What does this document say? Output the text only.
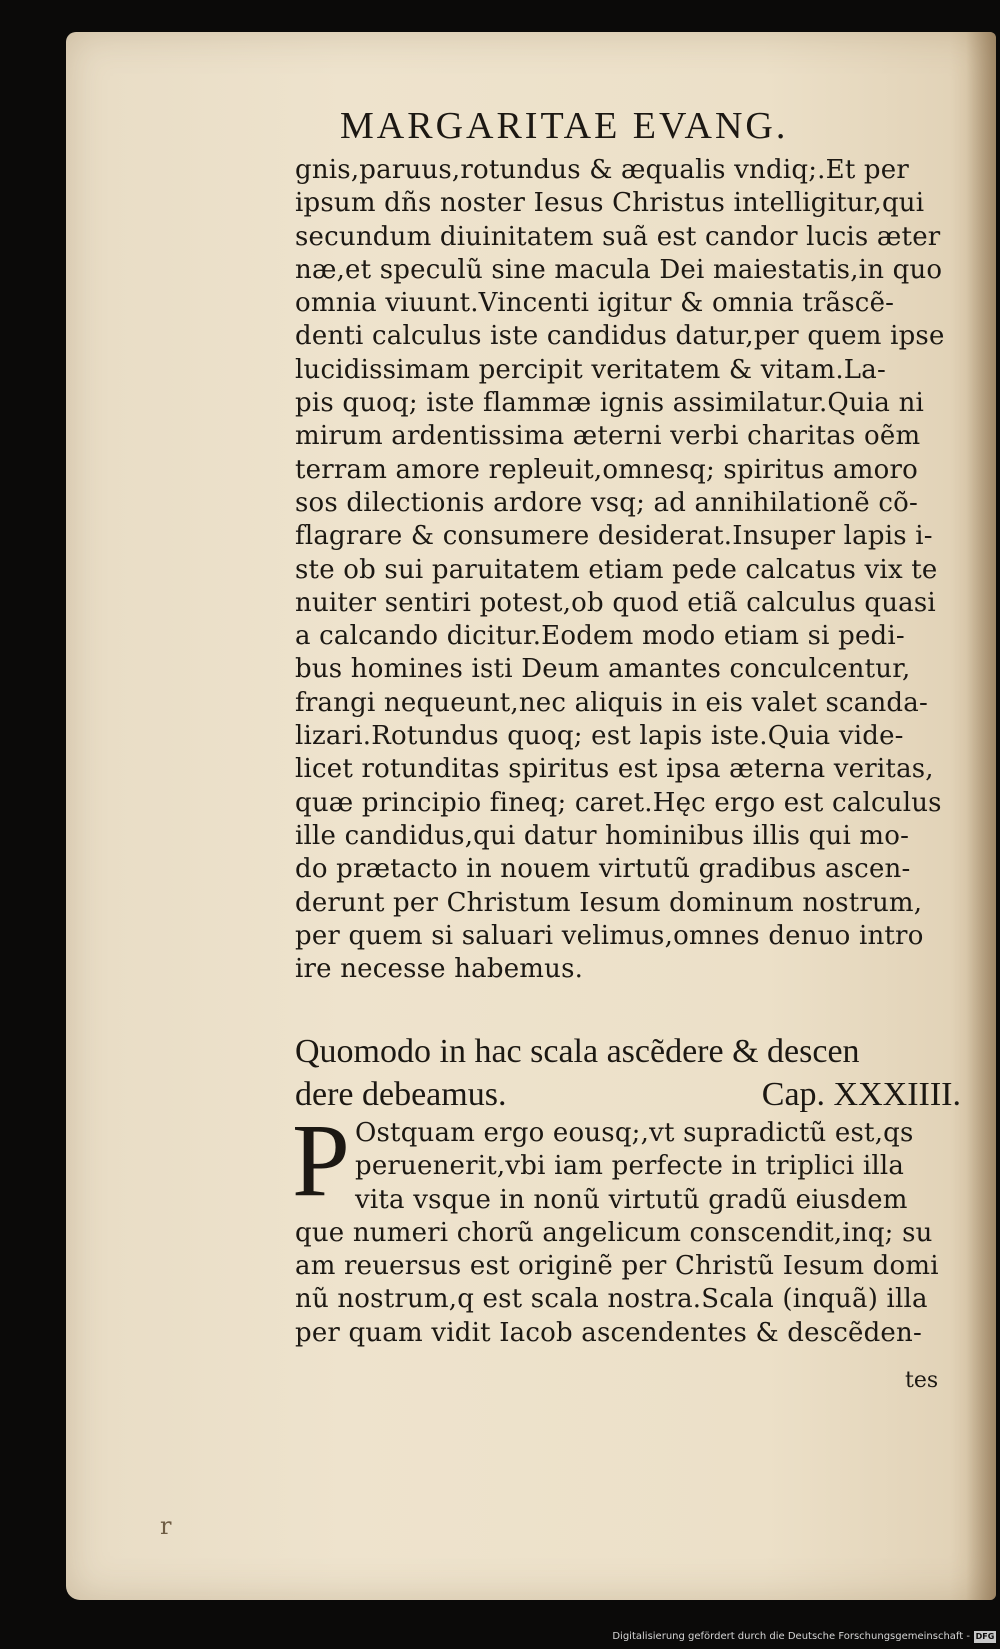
MARGARITAE EVANG.
gnis,paruus,rotundus & æqualis vndiq;.Et per
ipsum dñs noster Iesus Christus intelligitur,qui
secundum diuinitatem suã est candor lucis æter
næ,et speculũ sine macula Dei maiestatis,in quo
omnia viuunt.Vincenti igitur & omnia trãscẽ-
denti calculus iste candidus datur,per quem ipse
lucidissimam percipit veritatem & vitam.La-
pis quoq; iste flammæ ignis assimilatur.Quia ni
mirum ardentissima æterni verbi charitas oẽm
terram amore repleuit,omnesq; spiritus amoro
sos dilectionis ardore vsq; ad annihilationẽ cõ-
flagrare & consumere desiderat.Insuper lapis i-
ste ob sui paruitatem etiam pede calcatus vix te
nuiter sentiri potest,ob quod etiã calculus quasi
a calcando dicitur.Eodem modo etiam si pedi-
bus homines isti Deum amantes conculcentur,
frangi nequeunt,nec aliquis in eis valet scanda-
lizari.Rotundus quoq; est lapis iste.Quia vide-
licet rotunditas spiritus est ipsa æterna veritas,
quæ principio fineq; caret.Hęc ergo est calculus
ille candidus,qui datur hominibus illis qui mo-
do prætacto in nouem virtutũ gradibus ascen-
derunt per Christum Iesum dominum nostrum,
per quem si saluari velimus,omnes denuo intro
ire necesse habemus.
Quomodo in hac scala ascẽdere & descen
dere debeamus.	Cap. XXXIIII.
P Ostquam ergo eousq;,vt supradictũ est,qs
peruenerit,vbi iam perfecte in triplici illa
vita vsque in nonũ virtutũ gradũ eiusdem
que numeri chorũ angelicum conscendit,inq; su
am reuersus est originẽ per Christũ Iesum domi
nũ nostrum,q est scala nostra.Scala (inquã) illa
per quam vidit Iacob ascendentes & descẽden-
tes
r
Digitalisierung gefördert durch die Deutsche Forschungsgemeinschaft - DFG
